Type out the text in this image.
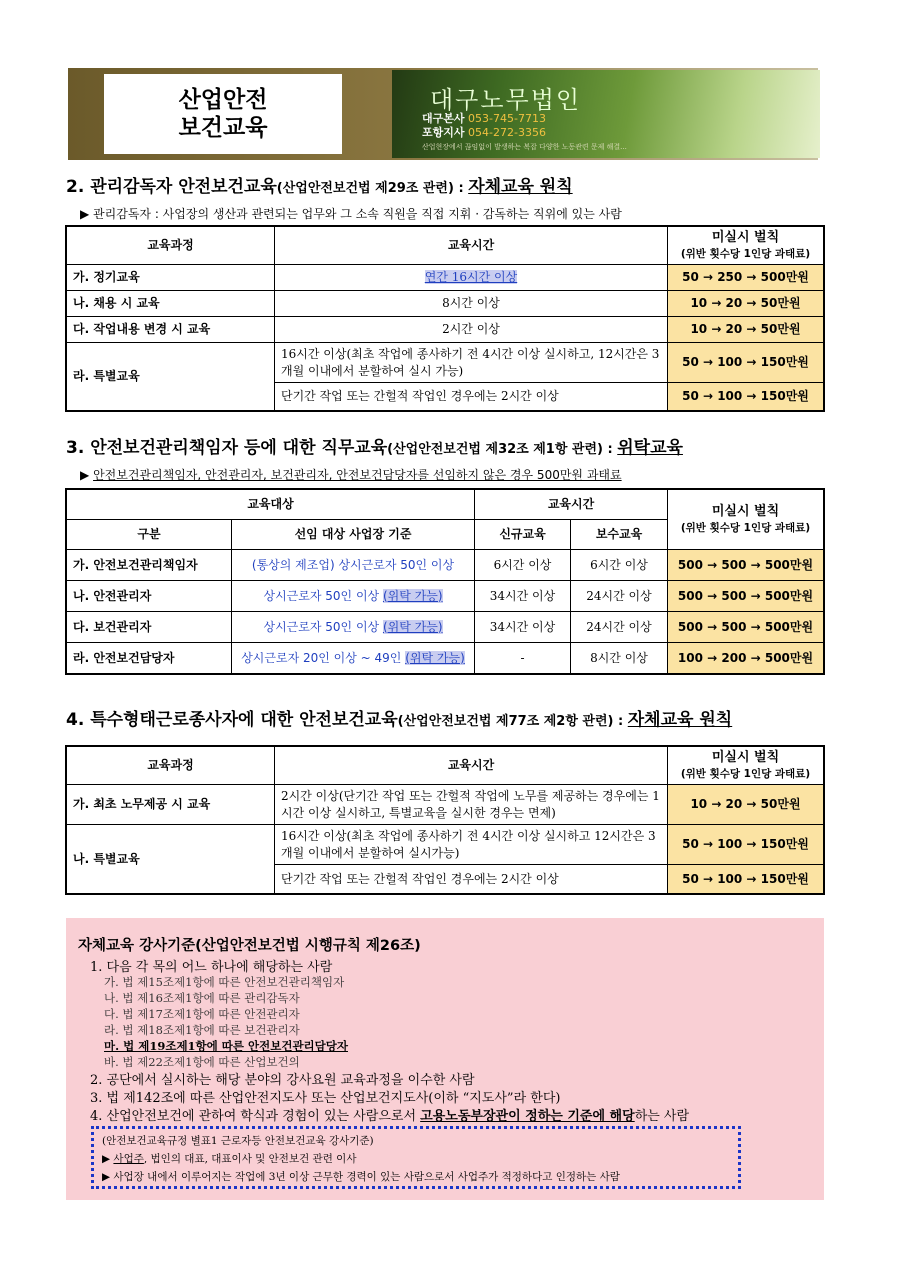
산업안전
보건교육
대구노무법인
대구본사 053-745-7713
포항지사 054-272-3356
산업현장에서 끊임없이 발생하는 복잡 다양한 노동관련 문제 해결...
2. 관리감독자 안전보건교육(산업안전보건법 제29조 관련) : 자체교육 원칙
▶ 관리감독자 : 사업장의 생산과 관련되는 업무와 그 소속 직원을 직접 지휘 · 감독하는 직위에 있는 사람
교육과정	교육시간	미실시 벌칙
(위반 횟수당 1인당 과태료)

가. 정기교육	연간 16시간 이상	50 → 250 → 500만원
나. 채용 시 교육	8시간 이상	10 → 20 → 50만원
다. 작업내용 변경 시 교육	2시간 이상	10 → 20 → 50만원
라. 특별교육	16시간 이상(최초 작업에 종사하기 전 4시간 이상 실시하고, 12시간은 3개월 이내에서 분할하여 실시 가능)	50 → 100 → 150만원
	단기간 작업 또는 간헐적 작업인 경우에는 2시간 이상	50 → 100 → 150만원
3. 안전보건관리책임자 등에 대한 직무교육(산업안전보건법 제32조 제1항 관련) : 위탁교육
▶ 안전보건관리책임자, 안전관리자, 보건관리자, 안전보건담당자를 선임하지 않은 경우 500만원 과태료
교육대상		교육시간		미실시 벌칙
(위반 횟수당 1인당 과태료)

구분	선임 대상 사업장 기준	신규교육	보수교육	
가. 안전보건관리책임자	(통상의 제조업) 상시근로자 50인 이상	6시간 이상	6시간 이상	500 → 500 → 500만원
나. 안전관리자	상시근로자 50인 이상 (위탁 가능)	34시간 이상	24시간 이상	500 → 500 → 500만원
다. 보건관리자	상시근로자 50인 이상 (위탁 가능)	34시간 이상	24시간 이상	500 → 500 → 500만원
라. 안전보건담당자	상시근로자 20인 이상 ~ 49인 (위탁 가능)	-	8시간 이상	100 → 200 → 500만원
4. 특수형태근로종사자에 대한 안전보건교육(산업안전보건법 제77조 제2항 관련) : 자체교육 원칙
교육과정	교육시간	미실시 벌칙
(위반 횟수당 1인당 과태료)

가. 최초 노무제공 시 교육	2시간 이상(단기간 작업 또는 간헐적 작업에 노무를 제공하는 경우에는 1시간 이상 실시하고, 특별교육을 실시한 경우는 면제)	10 → 20 → 50만원
나. 특별교육	16시간 이상(최초 작업에 종사하기 전 4시간 이상 실시하고 12시간은 3개월 이내에서 분할하여 실시가능)	50 → 100 → 150만원
	단기간 작업 또는 간헐적 작업인 경우에는 2시간 이상	50 → 100 → 150만원
자체교육 강사기준(산업안전보건법 시행규칙 제26조)
1. 다음 각 목의 어느 하나에 해당하는 사람
가. 법 제15조제1항에 따른 안전보건관리책임자
나. 법 제16조제1항에 따른 관리감독자
다. 법 제17조제1항에 따른 안전관리자
라. 법 제18조제1항에 따른 보건관리자
마. 법 제19조제1항에 따른 안전보건관리담당자
바. 법 제22조제1항에 따른 산업보건의
2. 공단에서 실시하는 해당 분야의 강사요원 교육과정을 이수한 사람
3. 법 제142조에 따른 산업안전지도사 또는 산업보건지도사(이하 “지도사”라 한다)
4. 산업안전보건에 관하여 학식과 경험이 있는 사람으로서 고용노동부장관이 정하는 기준에 해당하는 사람
(안전보건교육규정 별표1 근로자등 안전보건교육 강사기준)
▶ 사업주, 법인의 대표, 대표이사 및 안전보건 관련 이사
▶ 사업장 내에서 이루어지는 작업에 3년 이상 근무한 경력이 있는 사람으로서 사업주가 적정하다고 인정하는 사람
